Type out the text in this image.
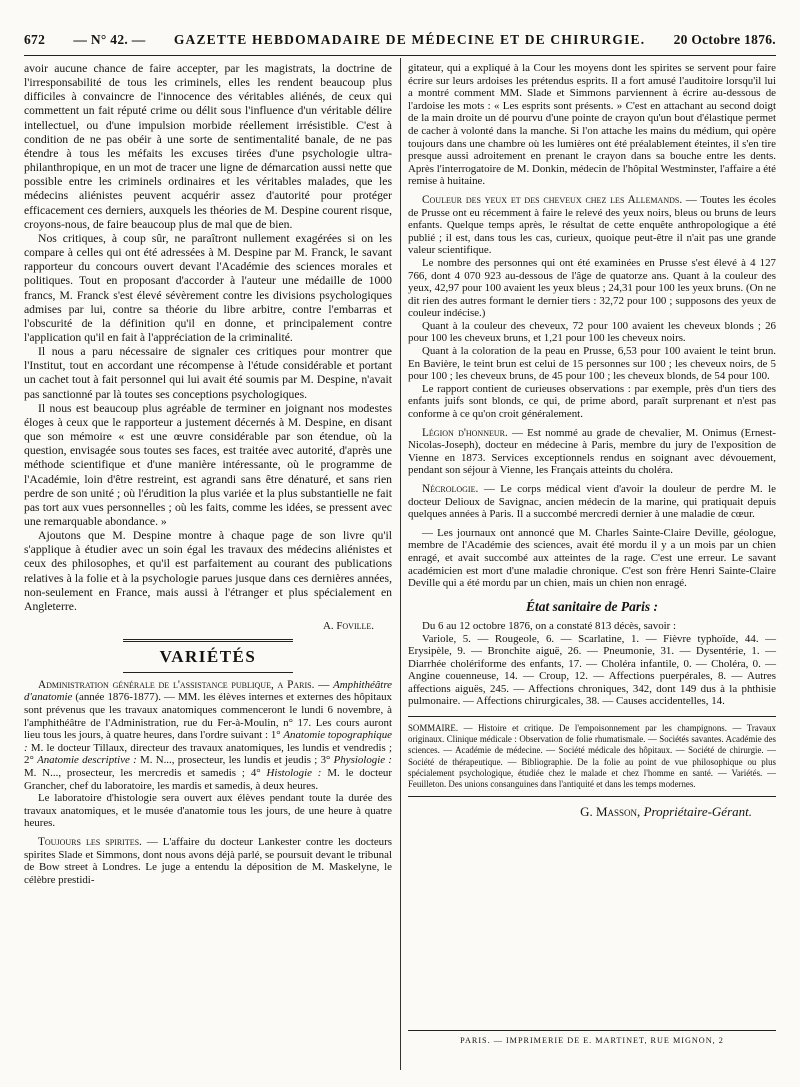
672 — N° 42. — GAZETTE HEBDOMADAIRE DE MÉDECINE ET DE CHIRURGIE. 20 Octobre 1876.

avoir aucune chance de faire accepter, par les magistrats, la doctrine de l'irresponsabilité de tous les criminels, elles les rendent beaucoup plus difficiles à convaincre de l'innocence des véritables aliénés, de ceux qui commettent un fait réputé crime ou délit sous l'influence d'un véritable délire intellectuel, ou d'une impulsion morbide réellement irrésistible. C'est à condition de ne pas obéir à une sorte de sentimentalité banale, de ne pas étendre à tous les méfaits les excuses tirées d'une psychologie ultra-philanthropique, en un mot de tracer une ligne de démarcation aussi nette que possible entre les criminels ordinaires et les véritables malades, que les médecins aliénistes peuvent acquérir assez d'autorité pour protéger efficacement ces derniers, auxquels les théories de M. Despine courent risque, croyons-nous, de faire beaucoup plus de mal que de bien.

Nos critiques, à coup sûr, ne paraîtront nullement exagérées si on les compare à celles qui ont été adressées à M. Despine par M. Franck, le savant rapporteur du concours ouvert devant l'Académie des sciences morales et politiques. Tout en proposant d'accorder à l'auteur une médaille de 1000 francs, M. Franck s'est élevé sévèrement contre les divisions psychologiques admises par lui, contre sa théorie du libre arbitre, contre l'embarras et l'obscurité de la définition qu'il en donne, et principalement contre l'application qu'il en fait à l'appréciation de la criminalité.

Il nous a paru nécessaire de signaler ces critiques pour montrer que l'Institut, tout en accordant une récompense à l'étude considérable et portant un cachet tout à fait personnel qui lui avait été soumis par M. Despine, n'avait pas sanctionné par là toutes ses conceptions psychologiques.

Il nous est beaucoup plus agréable de terminer en joignant nos modestes éloges à ceux que le rapporteur a justement décernés à M. Despine, en disant que son mémoire « est une œuvre considérable par son étendue, où la question, envisagée sous toutes ses faces, est traitée avec autorité, d'après une méthode scientifique et d'une manière intéressante, où le programme de l'Académie, loin d'être restreint, est agrandi sans être dénaturé, et sans rien perdre de son unité ; où l'érudition la plus variée et la plus substantielle ne fait pas tort aux vues personnelles ; où les faits, comme les idées, se pressent avec une remarquable abondance. »

Ajoutons que M. Despine montre à chaque page de son livre qu'il s'applique à étudier avec un soin égal les travaux des médecins aliénistes et ceux des philosophes, et qu'il est parfaitement au courant des publications relatives à la folie et à la psychologie parues jusque dans ces dernières années, non-seulement en France, mais aussi à l'étranger et plus spécialement en Angleterre.

A. Foville.
VARIÉTÉS

Administration générale de l'assistance publique, a Paris. — Amphithéâtre d'anatomie (année 1876-1877). — MM. les élèves internes et externes des hôpitaux sont prévenus que les travaux anatomiques commenceront le lundi 6 novembre, à l'amphithéâtre de l'Administration, rue du Fer-à-Moulin, n° 17. Les cours auront lieu tous les jours, à quatre heures, dans l'ordre suivant : 1° Anatomie topographique : M. le docteur Tillaux, directeur des travaux anatomiques, les lundis et vendredis ; 2° Anatomie descriptive : M. N..., prosecteur, les lundis et jeudis ; 3° Physiologie : M. N..., prosecteur, les mercredis et samedis ; 4° Histologie : M. le docteur Grancher, chef du laboratoire, les mardis et samedis, à deux heures.

Le laboratoire d'histologie sera ouvert aux élèves pendant toute la durée des travaux anatomiques, et le musée d'anatomie tous les jours, de une heure à quatre heures.

Toujours les spirites. — L'affaire du docteur Lankester contre les docteurs spirites Slade et Simmons, dont nous avons déjà parlé, se poursuit devant le tribunal de Bow street à Londres. Le juge a entendu la déposition de M. Maskelyne, le célèbre prestidi-

gitateur, qui a expliqué à la Cour les moyens dont les spirites se servent pour faire écrire sur leurs ardoises les prétendus esprits. Il a fort amusé l'auditoire lorsqu'il lui a montré comment MM. Slade et Simmons parviennent à écrire au-dessous de l'ardoise les mots : « Les esprits sont présents. » C'est en attachant au second doigt de la main droite un dé pourvu d'une pointe de crayon qu'un bout d'élastique permet de cacher à volonté dans la manche. Si l'on attache les mains du médium, qui opère toujours dans une chambre où les lumières ont été préalablement éteintes, il s'en tire presque aussi adroitement en prenant le crayon dans sa bouche entre les dents. Après l'interrogatoire de M. Donkin, médecin de l'hôpital Westminster, l'affaire a été remise à huitaine.

Couleur des yeux et des cheveux chez les Allemands. — Toutes les écoles de Prusse ont eu récemment à faire le relevé des yeux noirs, bleus ou bruns de leurs enfants. Quelque temps après, le résultat de cette enquête anthropologique a été publié ; il est, dans tous les cas, curieux, quoique peut-être il n'ait pas une grande valeur scientifique.

Le nombre des personnes qui ont été examinées en Prusse s'est élevé à 4 127 766, dont 4 070 923 au-dessous de l'âge de quatorze ans. Quant à la couleur des yeux, 42,97 pour 100 avaient les yeux bleus ; 24,31 pour 100 les yeux bruns. (On ne dit rien des autres formant le dernier tiers : 32,72 pour 100 ; supposons des yeux de couleur indécise.)

Quant à la couleur des cheveux, 72 pour 100 avaient les cheveux blonds ; 26 pour 100 les cheveux bruns, et 1,21 pour 100 les cheveux noirs.

Quant à la coloration de la peau en Prusse, 6,53 pour 100 avaient le teint brun. En Bavière, le teint brun est celui de 15 personnes sur 100 ; les cheveux noirs, de 5 pour 100 ; les cheveux bruns, de 45 pour 100 ; les cheveux blonds, de 54 pour 100.

Le rapport contient de curieuses observations : par exemple, près d'un tiers des enfants juifs sont blonds, ce qui, de prime abord, paraît surprenant et n'est pas conforme à ce qu'on croit généralement.

Légion d'honneur. — Est nommé au grade de chevalier, M. Onimus (Ernest-Nicolas-Joseph), docteur en médecine à Paris, membre du jury de l'exposition de Vienne en 1873. Services exceptionnels rendus en soignant avec dévouement, pendant son séjour à Vienne, les Français atteints du choléra.

Nécrologie. — Le corps médical vient d'avoir la douleur de perdre M. le docteur Delioux de Savignac, ancien médecin de la marine, qui pratiquait depuis quelques années à Paris. Il a succombé mercredi dernier à une maladie de cœur.

— Les journaux ont annoncé que M. Charles Sainte-Claire Deville, géologue, membre de l'Académie des sciences, avait été mordu il y a un mois par un chien enragé, et avait succombé aux atteintes de la rage. C'est une erreur. Le savant académicien est mort d'une maladie chronique. C'est son frère Henri Sainte-Claire Deville qui a été mordu par un chien, mais un chien non enragé.

État sanitaire de Paris :

Du 6 au 12 octobre 1876, on a constaté 813 décès, savoir :

Variole, 5. — Rougeole, 6. — Scarlatine, 1. — Fièvre typhoïde, 44. — Erysipèle, 9. — Bronchite aiguë, 26. — Pneumonie, 31. — Dysentérie, 1. — Diarrhée cholériforme des enfants, 17. — Choléra infantile, 0. — Choléra, 0. — Angine couenneuse, 14. — Croup, 12. — Affections puerpérales, 8. — Autres affections aiguës, 245. — Affections chroniques, 342, dont 149 dus à la phthisie pulmonaire. — Affections chirurgicales, 38. — Causes accidentelles, 14.

SOMMAIRE. — Histoire et critique. De l'empoisonnement par les champignons. — Travaux originaux. Clinique médicale : Observation de folie rhumatismale. — Sociétés savantes. Académie des sciences. — Académie de médecine. — Société médicale des hôpitaux. — Société de chirurgie. — Société de thérapeutique. — Bibliographie. De la folie au point de vue philosophique ou plus spécialement psychologique, étudiée chez le malade et chez l'homme en santé. — Variétés. — Feuilleton. Des unions consanguines dans l'antiquité et dans les temps modernes.

G. Masson, Propriétaire-Gérant.
PARIS. — IMPRIMERIE DE E. MARTINET, RUE MIGNON, 2
